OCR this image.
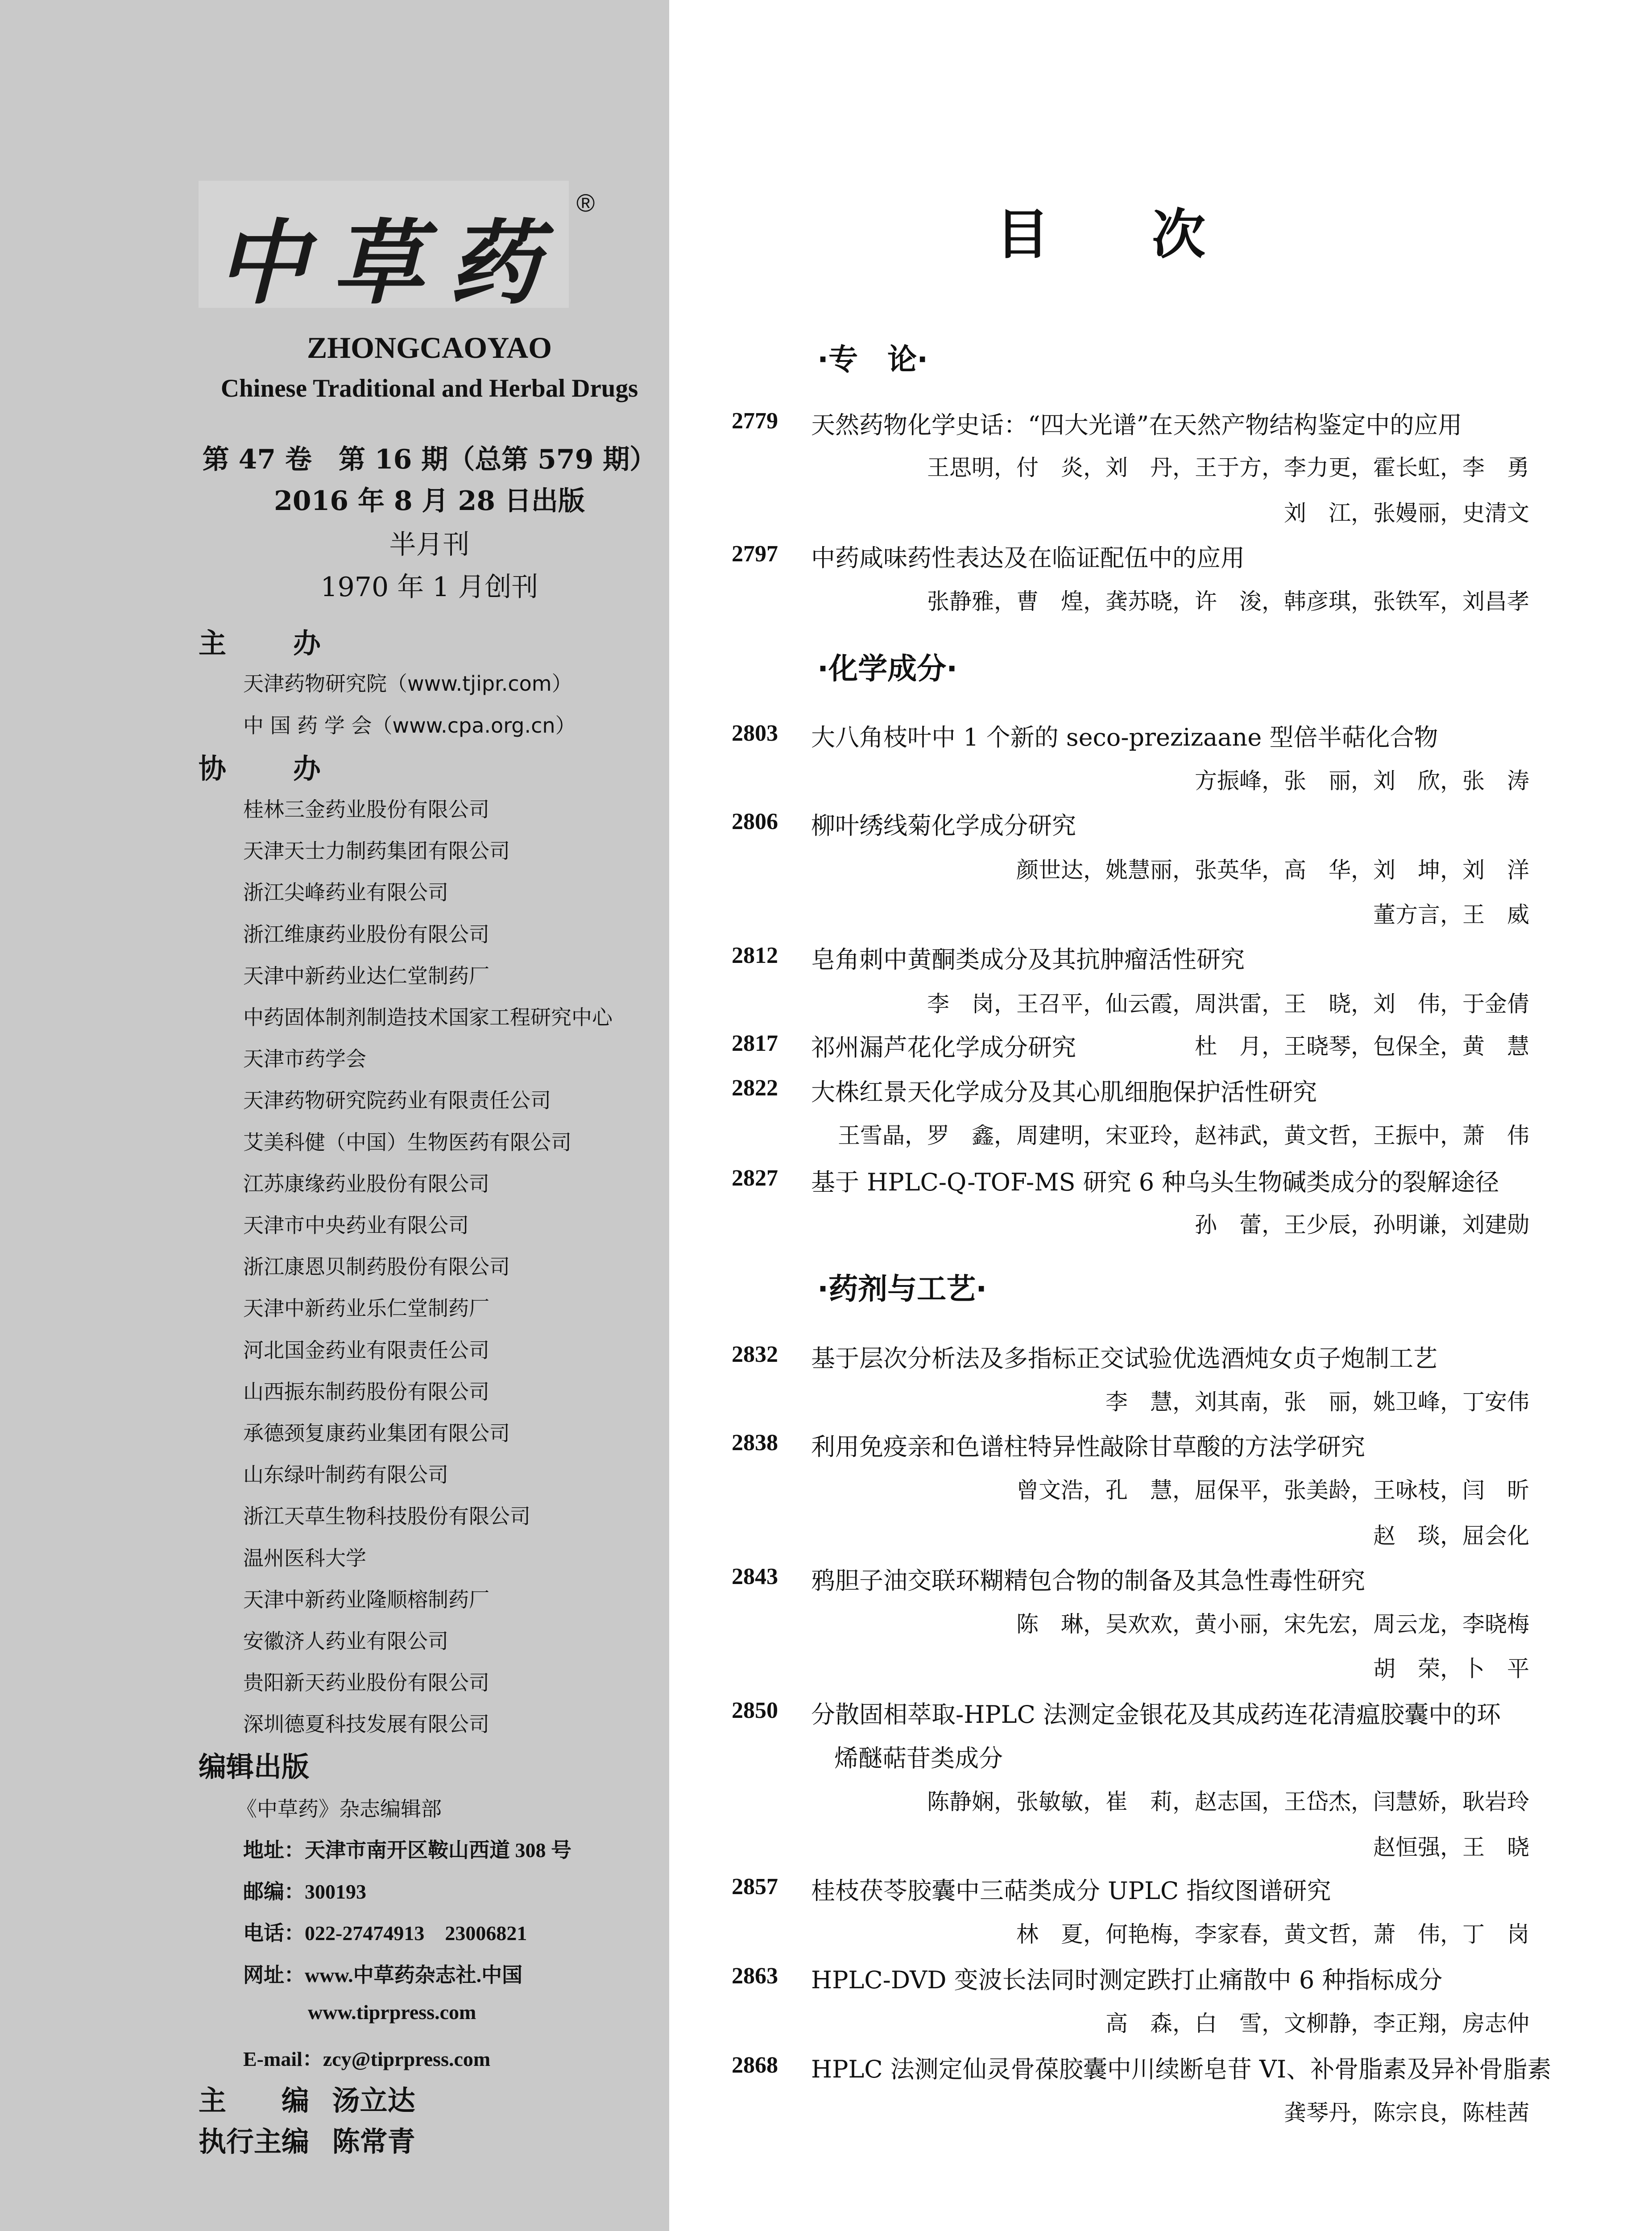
中草药
®
ZHONGCAOYAO
Chinese Traditional and Herbal Drugs
第 47 卷　第 16 期（总第 579 期）
2016 年 8 月 28 日出版
半月刊
1970 年 1 月创刊
主 办
天津药物研究院（www.tjipr.com）
中 国 药 学 会（www.cpa.org.cn）
协 办
桂林三金药业股份有限公司
天津天士力制药集团有限公司
浙江尖峰药业有限公司
浙江维康药业股份有限公司
天津中新药业达仁堂制药厂
中药固体制剂制造技术国家工程研究中心
天津市药学会
天津药物研究院药业有限责任公司
艾美科健（中国）生物医药有限公司
江苏康缘药业股份有限公司
天津市中央药业有限公司
浙江康恩贝制药股份有限公司
天津中新药业乐仁堂制药厂
河北国金药业有限责任公司
山西振东制药股份有限公司
承德颈复康药业集团有限公司
山东绿叶制药有限公司
浙江天草生物科技股份有限公司
温州医科大学
天津中新药业隆顺榕制药厂
安徽济人药业有限公司
贵阳新天药业股份有限公司
深圳德夏科技发展有限公司
编辑出版
《中草药》杂志编辑部
地址：天津市南开区鞍山西道 308 号
邮编：300193
电话：022-27474913　23006821
网址：www.中草药杂志社.中国
www.tiprpress.com
E-mail：zcy@tiprpress.com
主　　编 汤立达
执行主编 陈常青
目次
·专　论·
·化学成分·
·药剂与工艺·
2779 天然药物化学史话：“四大光谱”在天然产物结构鉴定中的应用
王思明，付　炎，刘　丹，王于方，李力更，霍长虹，李　勇
刘　江，张嫚丽，史清文
2797 中药咸味药性表达及在临证配伍中的应用
张静雅，曹　煌，龚苏晓，许　浚，韩彦琪，张铁军，刘昌孝
2803 大八角枝叶中 1 个新的 seco-prezizaane 型倍半萜化合物
方振峰，张　丽，刘　欣，张　涛
2806 柳叶绣线菊化学成分研究
颜世达，姚慧丽，张英华，高　华，刘　坤，刘　洋
董方言，王　威
2812 皂角刺中黄酮类成分及其抗肿瘤活性研究
李　岗，王召平，仙云霞，周洪雷，王　晓，刘　伟，于金倩
2817 祁州漏芦花化学成分研究	杜　月，王晓琴，包保全，黄　慧
2822 大株红景天化学成分及其心肌细胞保护活性研究
王雪晶，罗　鑫，周建明，宋亚玲，赵祎武，黄文哲，王振中，萧　伟
2827 基于 HPLC-Q-TOF-MS 研究 6 种乌头生物碱类成分的裂解途径
孙　蕾，王少辰，孙明谦，刘建勋
2832 基于层次分析法及多指标正交试验优选酒炖女贞子炮制工艺
李　慧，刘其南，张　丽，姚卫峰，丁安伟
2838 利用免疫亲和色谱柱特异性敲除甘草酸的方法学研究
曾文浩，孔　慧，屈保平，张美龄，王咏枝，闫　昕
赵　琰，屈会化
2843 鸦胆子油交联环糊精包合物的制备及其急性毒性研究
陈　琳，吴欢欢，黄小丽，宋先宏，周云龙，李晓梅
胡　荣，卜　平
2850 分散固相萃取-HPLC 法测定金银花及其成药连花清瘟胶囊中的环
烯醚萜苷类成分
陈静娴，张敏敏，崔　莉，赵志国，王岱杰，闫慧娇，耿岩玲
赵恒强，王　晓
2857 桂枝茯苓胶囊中三萜类成分 UPLC 指纹图谱研究
林　夏，何艳梅，李家春，黄文哲，萧　伟，丁　岗
2863 HPLC-DVD 变波长法同时测定跌打止痛散中 6 种指标成分
高　森，白　雪，文柳静，李正翔，房志仲
2868 HPLC 法测定仙灵骨葆胶囊中川续断皂苷 VI、补骨脂素及异补骨脂素
龚琴丹，陈宗良，陈桂茜
